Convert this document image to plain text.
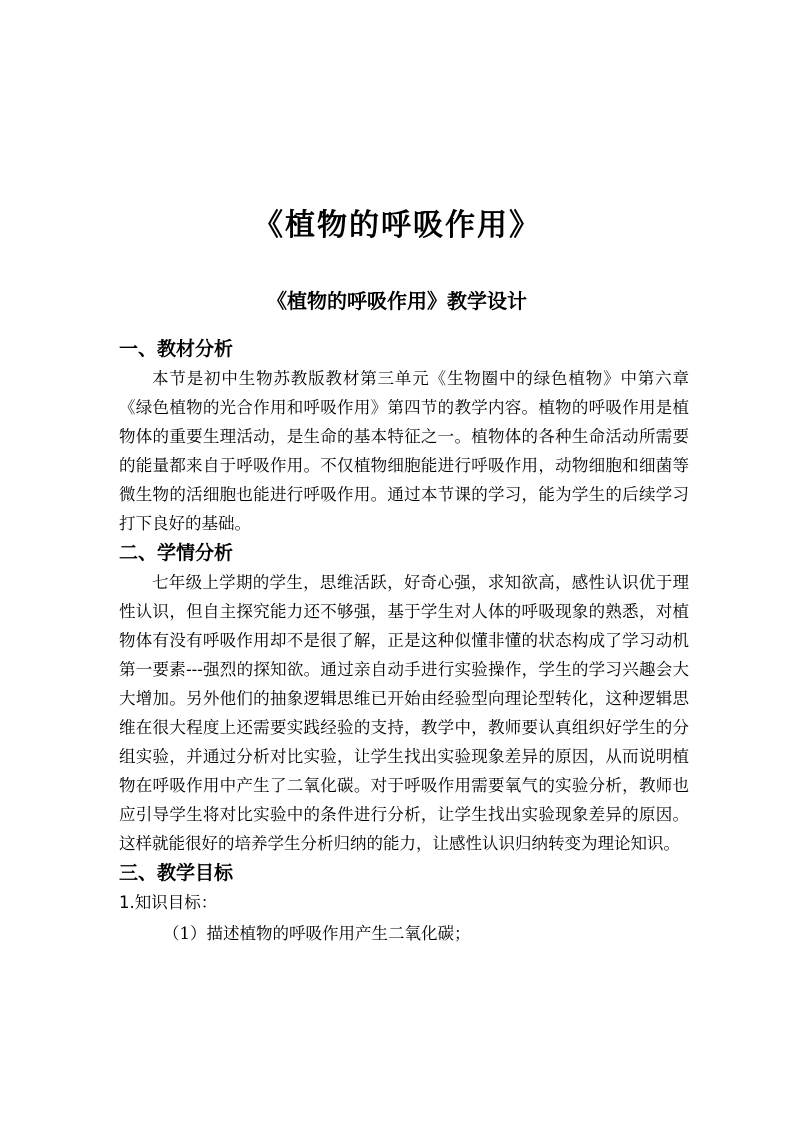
《植物的呼吸作用》
《植物的呼吸作用》教学设计

一、教材分析

本节是初中生物苏教版教材第三单元《生物圈中的绿色植物》中第六章《绿色植物的光合作用和呼吸作用》第四节的教学内容。植物的呼吸作用是植物体的重要生理活动，是生命的基本特征之一。植物体的各种生命活动所需要的能量都来自于呼吸作用。不仅植物细胞能进行呼吸作用，动物细胞和细菌等微生物的活细胞也能进行呼吸作用。通过本节课的学习，能为学生的后续学习打下良好的基础。

二、学情分析

七年级上学期的学生，思维活跃，好奇心强，求知欲高，感性认识优于理性认识，但自主探究能力还不够强，基于学生对人体的呼吸现象的熟悉，对植物体有没有呼吸作用却不是很了解，正是这种似懂非懂的状态构成了学习动机第一要素---强烈的探知欲。通过亲自动手进行实验操作，学生的学习兴趣会大大增加。另外他们的抽象逻辑思维已开始由经验型向理论型转化，这种逻辑思维在很大程度上还需要实践经验的支持，教学中，教师要认真组织好学生的分组实验，并通过分析对比实验，让学生找出实验现象差异的原因，从而说明植物在呼吸作用中产生了二氧化碳。对于呼吸作用需要氧气的实验分析，教师也应引导学生将对比实验中的条件进行分析，让学生找出实验现象差异的原因。这样就能很好的培养学生分析归纳的能力，让感性认识归纳转变为理论知识。

三、教学目标

1.知识目标：

（1）描述植物的呼吸作用产生二氧化碳；
